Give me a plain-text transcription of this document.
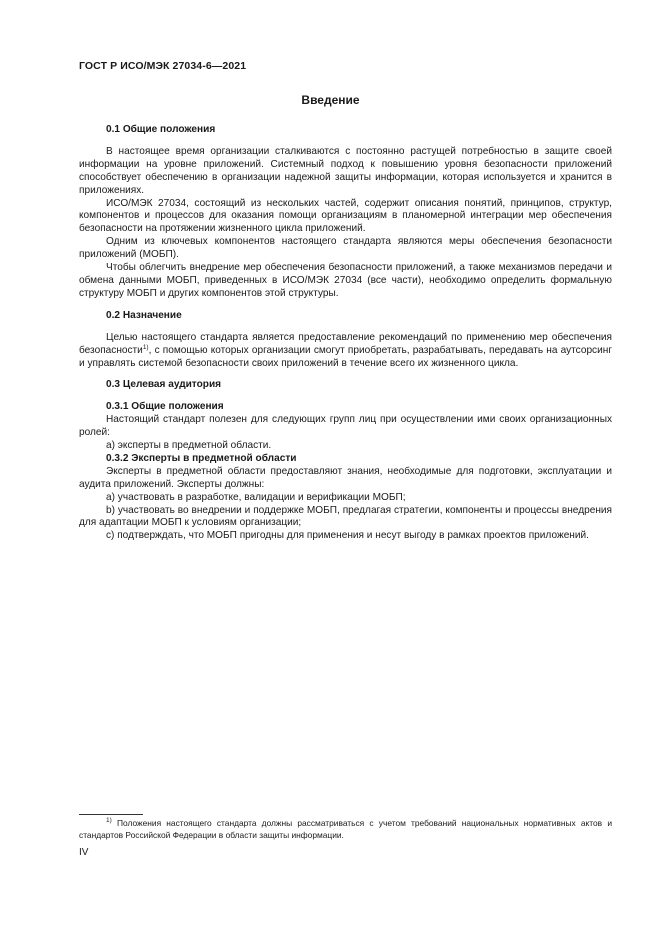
ГОСТ Р ИСО/МЭК 27034-6—2021
Введение
0.1 Общие положения
В настоящее время организации сталкиваются с постоянно растущей потребностью в защите своей информации на уровне приложений. Системный подход к повышению уровня безопасности приложений способствует обеспечению в организации надежной защиты информации, которая используется и хранится в приложениях.
ИСО/МЭК 27034, состоящий из нескольких частей, содержит описания понятий, принципов, структур, компонентов и процессов для оказания помощи организациям в планомерной интеграции мер обеспечения безопасности на протяжении жизненного цикла приложений.
Одним из ключевых компонентов настоящего стандарта являются меры обеспечения безопасности приложений (МОБП).
Чтобы облегчить внедрение мер обеспечения безопасности приложений, а также механизмов передачи и обмена данными МОБП, приведенных в ИСО/МЭК 27034 (все части), необходимо определить формальную структуру МОБП и других компонентов этой структуры.
0.2 Назначение
Целью настоящего стандарта является предоставление рекомендаций по применению мер обеспечения безопасности$^{1)}$, с помощью которых организации смогут приобретать, разрабатывать, передавать на аутсорсинг и управлять системой безопасности своих приложений в течение всего их жизненного цикла.
0.3 Целевая аудитория
0.3.1 Общие положения
Настоящий стандарт полезен для следующих групп лиц при осуществлении ими своих организационных ролей:
а) эксперты в предметной области.
0.3.2 Эксперты в предметной области
Эксперты в предметной области предоставляют знания, необходимые для подготовки, эксплуатации и аудита приложений. Эксперты должны:
a) участвовать в разработке, валидации и верификации МОБП;
b) участвовать во внедрении и поддержке МОБП, предлагая стратегии, компоненты и процессы внедрения для адаптации МОБП к условиям организации;
c) подтверждать, что МОБП пригодны для применения и несут выгоду в рамках проектов приложений.
$^{1)}$ Положения настоящего стандарта должны рассматриваться с учетом требований национальных нормативных актов и стандартов Российской Федерации в области защиты информации.
IV
